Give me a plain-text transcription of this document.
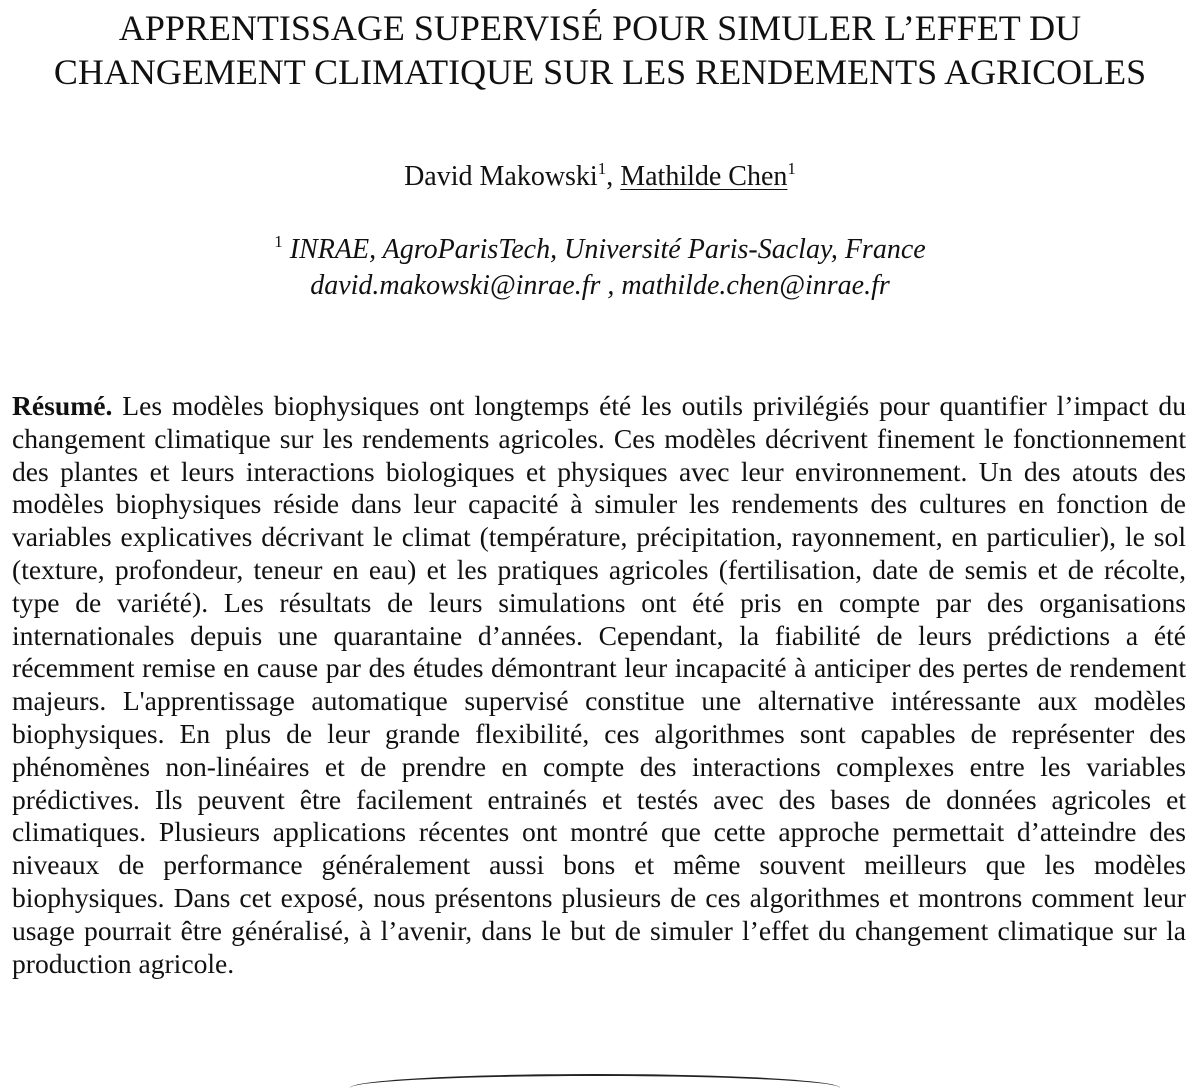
APPRENTISSAGE SUPERVISÉ POUR SIMULER L’EFFET DU
CHANGEMENT CLIMATIQUE SUR LES RENDEMENTS AGRICOLES
David Makowski$^1$, Mathilde Chen$^1$
$^1$ INRAE, AgroParisTech, Université Paris-Saclay, France
david.makowski@inrae.fr , mathilde.chen@inrae.fr
Résumé. Les modèles biophysiques ont longtemps été les outils privilégiés pour quantifier l’impact du changement climatique sur les rendements agricoles. Ces modèles décrivent finement le fonctionnement des plantes et leurs interactions biologiques et physiques avec leur environnement. Un des atouts des modèles biophysiques réside dans leur capacité à simuler les rendements des cultures en fonction de variables explicatives décrivant le climat (température, précipitation, rayonnement, en particulier), le sol (texture, profondeur, teneur en eau) et les pratiques agricoles (fertilisation, date de semis et de récolte, type de variété). Les résultats de leurs simulations ont été pris en compte par des organisations internationales depuis une quarantaine d’années. Cependant, la fiabilité de leurs prédictions a été récemment remise en cause par des études démontrant leur incapacité à anticiper des pertes de rendement majeurs. L'apprentissage automatique supervisé constitue une alternative intéressante aux modèles biophysiques. En plus de leur grande flexibilité, ces algorithmes sont capables de représenter des phénomènes non-linéaires et de prendre en compte des interactions complexes entre les variables prédictives. Ils peuvent être facilement entrainés et testés avec des bases de données agricoles et climatiques. Plusieurs applications récentes ont montré que cette approche permettait d’atteindre des niveaux de performance généralement aussi bons et même souvent meilleurs que les modèles biophysiques. Dans cet exposé, nous présentons plusieurs de ces algorithmes et montrons comment leur usage pourrait être généralisé, à l’avenir, dans le but de simuler l’effet du changement climatique sur la production agricole.
